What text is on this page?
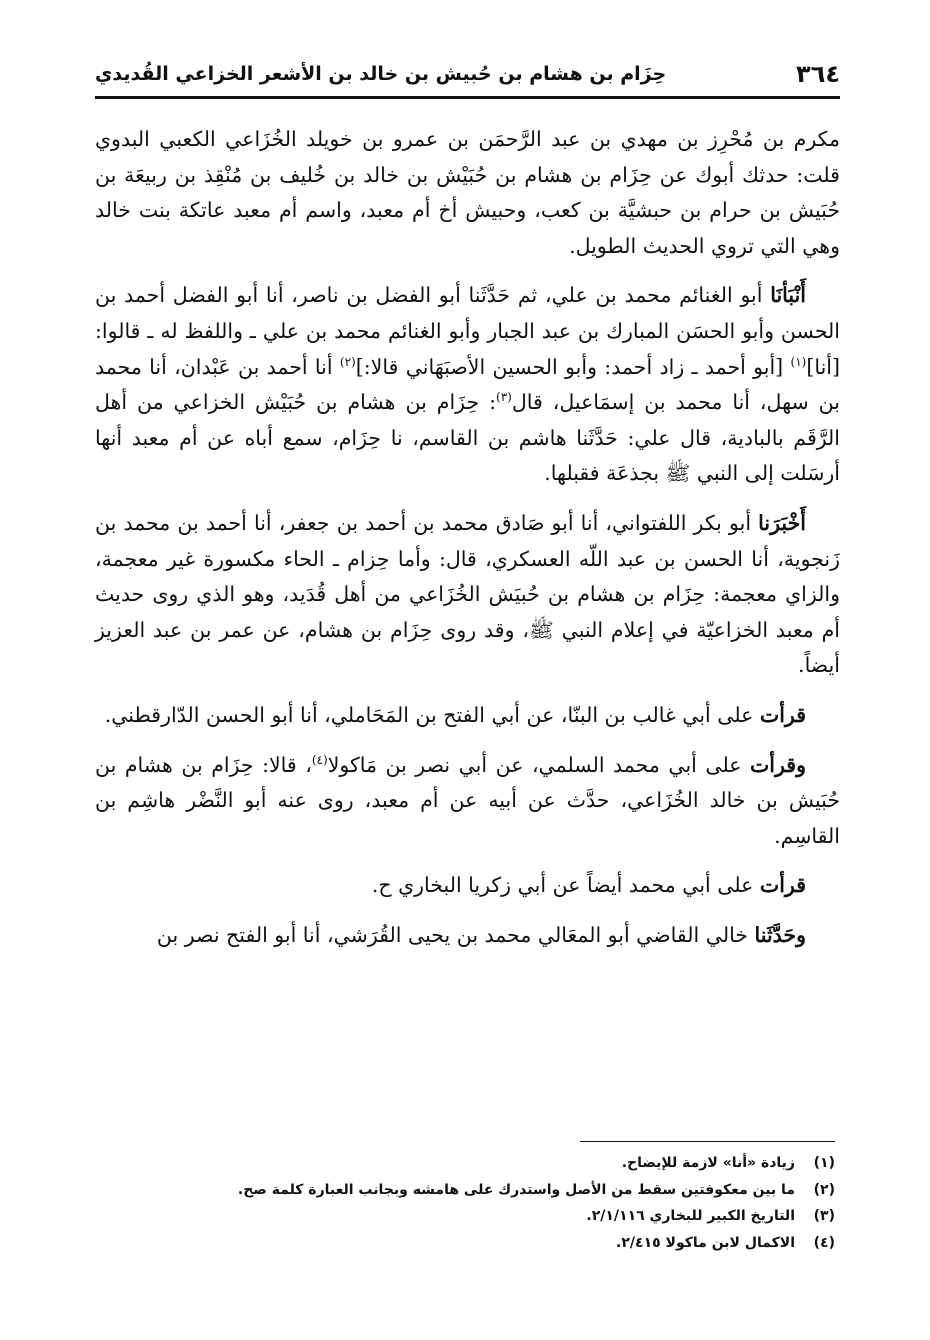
٣٦٤
حِزَام بن هشام بن حُبيش بن خالد بن الأشعر الخزاعي القُديدي

مكرم بن مُحْرِز بن مهدي بن عبد الرَّحمَن بن عمرو بن خويلد الخُزَاعي الكعبي البدوي قلت: حدثك أبوك عن حِزَام بن هشام بن حُبَيْش بن خالد بن خُليف بن مُنْقِذ بن ربيعَة بن حُبَيش بن حرام بن حبشيَّة بن كعب، وحبيش أخ أم معبد، واسم أم معبد عاتكة بنت خالد وهي التي تروي الحديث الطويل.

أَنْبَأنَا أبو الغنائم محمد بن علي، ثم حَدَّثَنا أبو الفضل بن ناصر، أنا أبو الفضل أحمد بن الحسن وأبو الحسَن المبارك بن عبد الجبار وأبو الغنائم محمد بن علي ـ واللفظ له ـ قالوا: [أنا]$^{(١)}$ [أبو أحمد ـ زاد أحمد: وأبو الحسين الأصبَهَاني قالا:]$^{(٢)}$ أنا أحمد بن عَبْدان، أنا محمد بن سهل، أنا محمد بن إسمَاعيل، قال$^{(٣)}$: حِزَام بن هشام بن حُبَيْش الخزاعي من أهل الرَّقَم بالبادية، قال علي: حَدَّثَنا هاشم بن القاسم، نا حِزَام، سمع أباه عن أم معبد أنها أرسَلت إلى النبي ﷺ بجذعَة فقبلها.

أَخْبَرَنا أبو بكر اللفتواني، أنا أبو صَادق محمد بن أحمد بن جعفر، أنا أحمد بن محمد بن زَنجوية، أنا الحسن بن عبد اللّه العسكري، قال: وأما حِزام ـ الحاء مكسورة غير معجمة، والزاي معجمة: حِزَام بن هشام بن حُبيَش الخُزَاعي من أهل قُدَيد، وهو الذي روى حديث أم معبد الخزاعيّة في إعلام النبي ﷺ، وقد روى حِزَام بن هشام، عن عمر بن عبد العزيز أيضاً.

قرأت على أبي غالب بن البنّا، عن أبي الفتح بن المَحَاملي، أنا أبو الحسن الدّارقطني.

وقرأت على أبي محمد السلمي، عن أبي نصر بن مَاكولا$^{(٤)}$، قالا: حِزَام بن هشام بن حُبَيش بن خالد الخُزَاعي، حدَّث عن أبيه عن أم معبد، روى عنه أبو النَّضْر هاشِم بن القاسِم.

قرأت على أبي محمد أيضاً عن أبي زكريا البخاري ح.

وحَدَّثَنا خالي القاضي أبو المعَالي محمد بن يحيى القُرَشي، أنا أبو الفتح نصر بن

(١)
زيادة «أنا» لازمة للإيضاح.
(٢)
ما بين معكوفتين سقط من الأصل واستدرك على هامشه وبجانب العبارة كلمة صح.
(٣)
التاريخ الكبير للبخاري ٢/١/١١٦.
(٤)
الاكمال لابن ماكولا ٢/٤١٥.
